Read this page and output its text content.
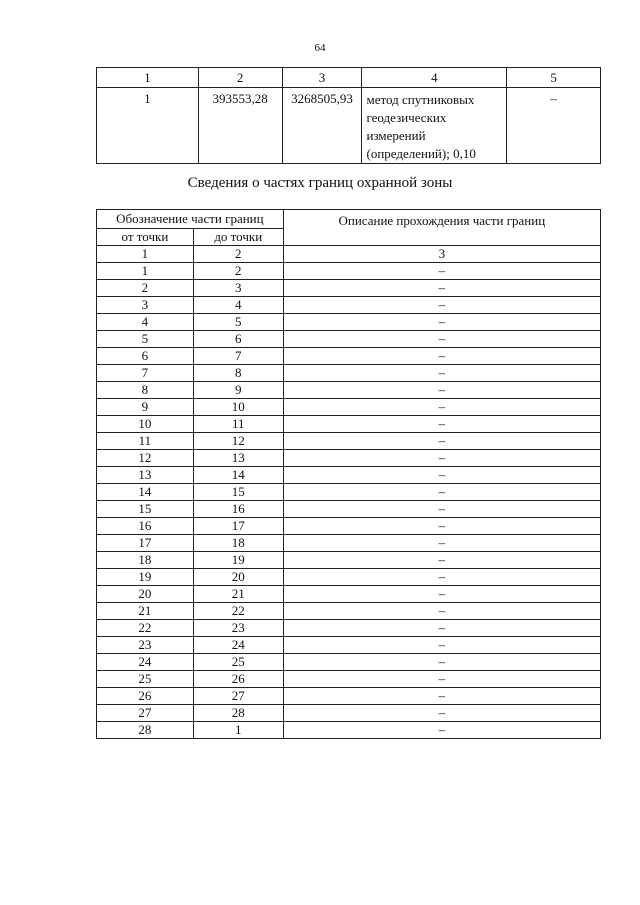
64
1	2	3	4	5
1	393553,28	3268505,93	метод спутниковых
геодезических
измерений
(определений); 0,10	–
Сведения о частях границ охранной зоны
Обозначение части границ		Описание прохождения части границ
от точки	до точки	
1	2	3
1	2	–
2	3	–
3	4	–
4	5	–
5	6	–
6	7	–
7	8	–
8	9	–
9	10	–
10	11	–
11	12	–
12	13	–
13	14	–
14	15	–
15	16	–
16	17	–
17	18	–
18	19	–
19	20	–
20	21	–
21	22	–
22	23	–
23	24	–
24	25	–
25	26	–
26	27	–
27	28	–
28	1	–
